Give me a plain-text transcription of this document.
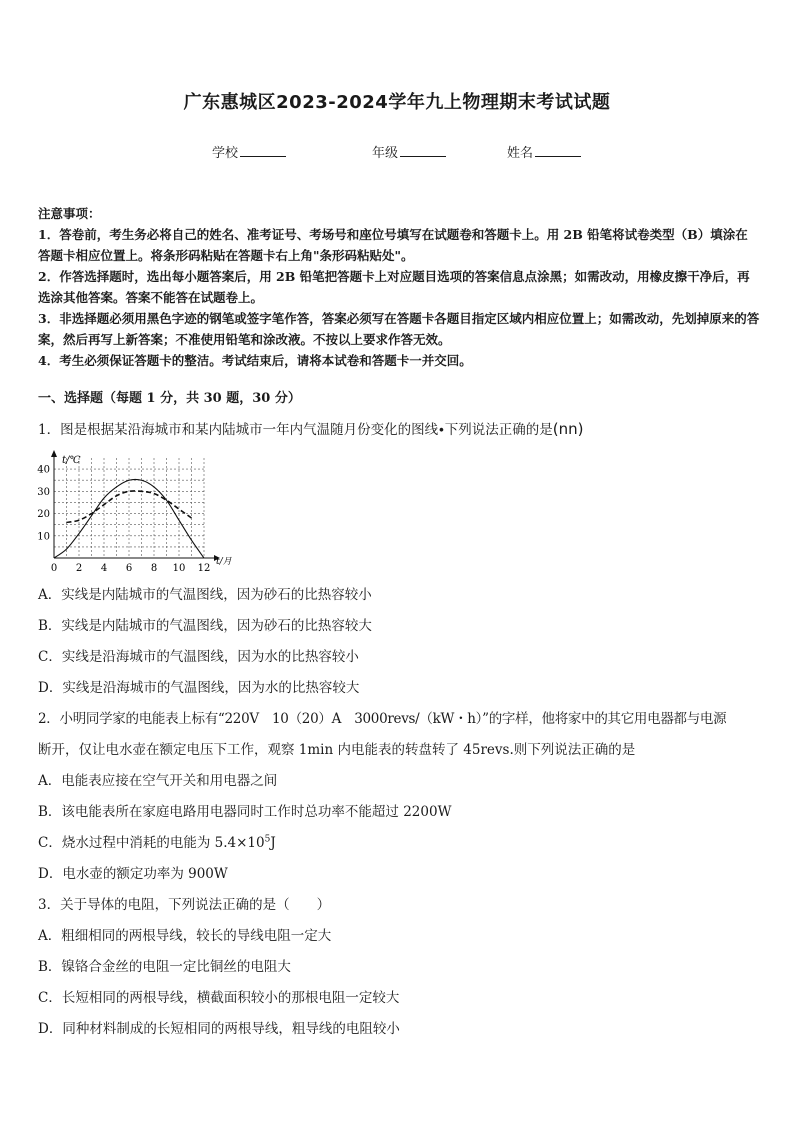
广东惠城区2023-2024学年九上物理期末考试试题
学校	年级	姓名

注意事项：

1．答卷前，考生务必将自己的姓名、准考证号、考场号和座位号填写在试题卷和答题卡上。用 2B 铅笔将试卷类型（B）填涂在答题卡相应位置上。将条形码粘贴在答题卡右上角"条形码粘贴处"。

2．作答选择题时，选出每小题答案后，用 2B 铅笔把答题卡上对应题目选项的答案信息点涂黑；如需改动，用橡皮擦干净后，再选涂其他答案。答案不能答在试题卷上。

3．非选择题必须用黑色字迹的钢笔或签字笔作答，答案必须写在答题卡各题目指定区域内相应位置上；如需改动，先划掉原来的答案，然后再写上新答案；不准使用铅笔和涂改液。不按以上要求作答无效。

4．考生必须保证答题卡的整洁。考试结束后，请将本试卷和答题卡一并交回。

一、选择题（每题 1 分，共 30 题，30 分）
1．图是根据某沿海城市和某内陆城市一年内气温随月份变化的图线∙下列说法正确的是(nn)
0 2 4 6 8 10 12
10
20
30
40
t/℃
t/月
A．实线是内陆城市的气温图线，因为砂石的比热容较小
B．实线是内陆城市的气温图线，因为砂石的比热容较大
C．实线是沿海城市的气温图线，因为水的比热容较小
D．实线是沿海城市的气温图线，因为水的比热容较大
2．小明同学家的电能表上标有“220V　10（20）A　3000revs/（kW・h）”的字样，他将家中的其它用电器都与电源
断开，仅让电水壶在额定电压下工作，观察 1min 内电能表的转盘转了 45revs.则下列说法正确的是
A．电能表应接在空气开关和用电器之间
B．该电能表所在家庭电路用电器同时工作时总功率不能超过 2200W
C．烧水过程中消耗的电能为 $5.4\times 10^5J$
D．电水壶的额定功率为 900W
3．关于导体的电阻，下列说法正确的是（　　）
A．粗细相同的两根导线，较长的导线电阻一定大
B．镍铬合金丝的电阻一定比铜丝的电阻大
C．长短相同的两根导线，横截面积较小的那根电阻一定较大
D．同种材料制成的长短相同的两根导线，粗导线的电阻较小
